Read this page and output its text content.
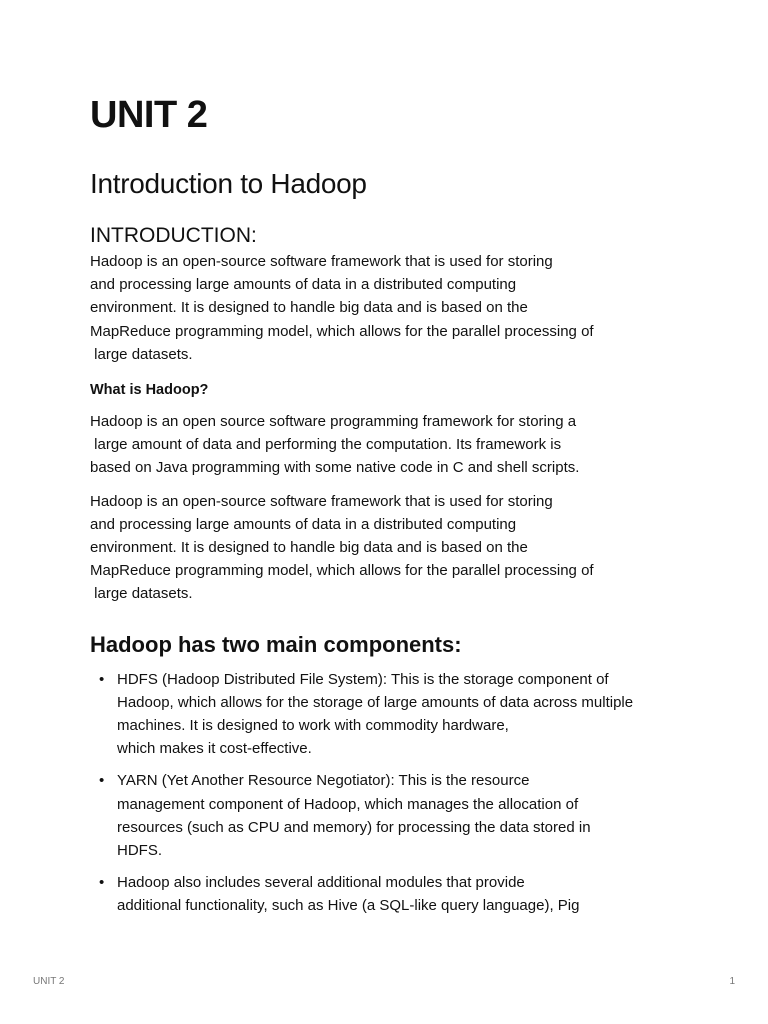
UNIT 2
Introduction to Hadoop
INTRODUCTION:

Hadoop is an open-source software framework that is used for storing
and processing large amounts of data in a distributed computing
environment. It is designed to handle big data and is based on the
MapReduce programming model, which allows for the parallel processing of
large datasets.

What is Hadoop?

Hadoop is an open source software programming framework for storing a
large amount of data and performing the computation. Its framework is
based on Java programming with some native code in C and shell scripts.

Hadoop is an open-source software framework that is used for storing
and processing large amounts of data in a distributed computing
environment. It is designed to handle big data and is based on the
MapReduce programming model, which allows for the parallel processing of
large datasets.

Hadoop has two main components:
• HDFS (Hadoop Distributed File System): This is the storage component of
Hadoop, which allows for the storage of large amounts of data across multiple
machines. It is designed to work with commodity hardware,
which makes it cost-effective.
• YARN (Yet Another Resource Negotiator): This is the resource
management component of Hadoop, which manages the allocation of
resources (such as CPU and memory) for processing the data stored in
HDFS.
• Hadoop also includes several additional modules that provide
additional functionality, such as Hive (a SQL-like query language), Pig
UNIT 2	1
